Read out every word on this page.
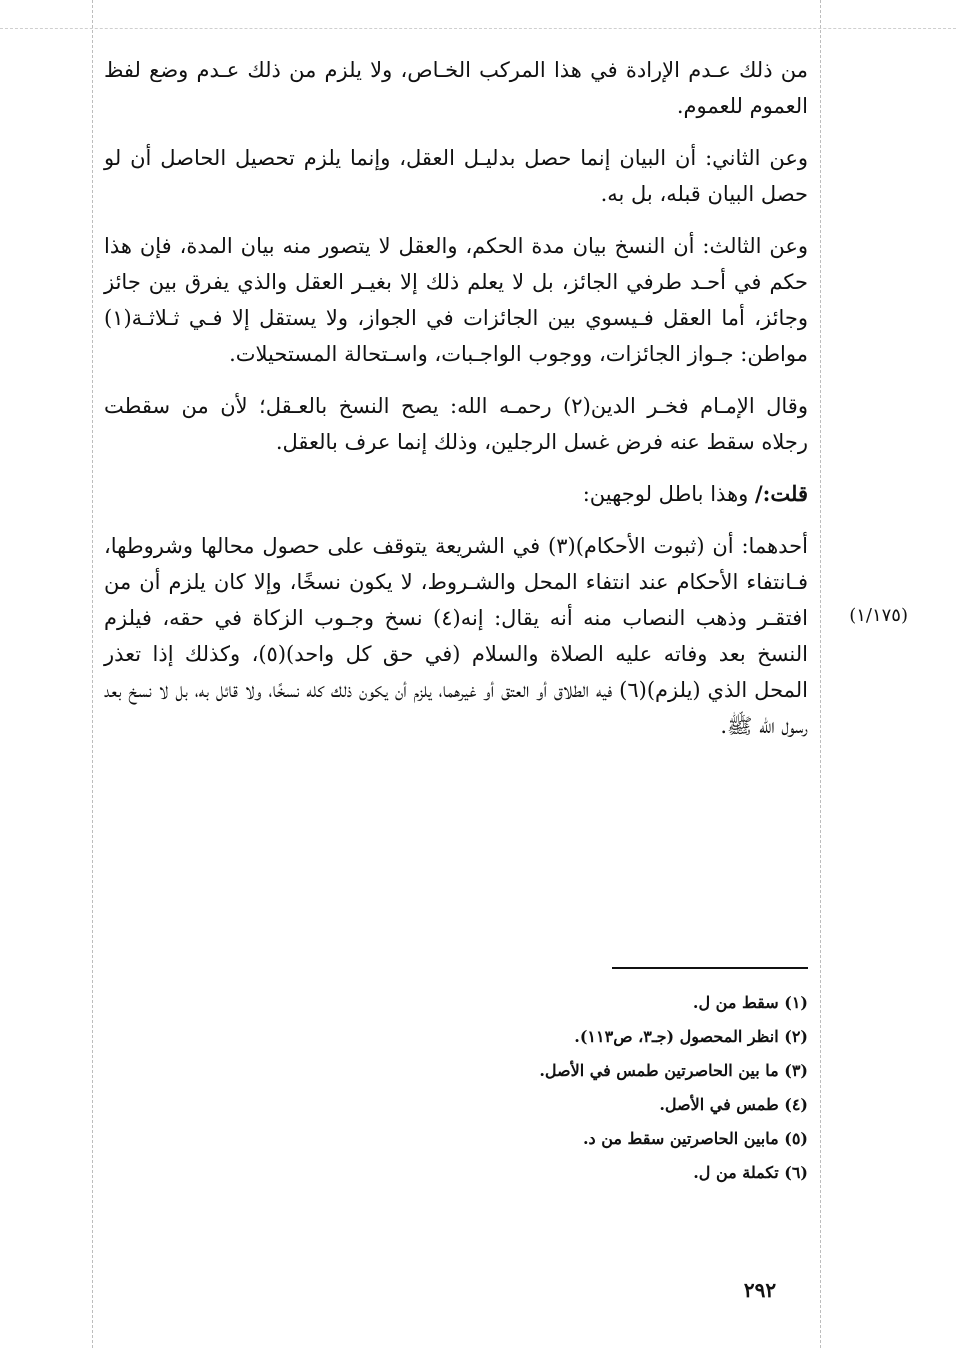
من ذلك عـدم الإرادة في هذا المركب الخـاص، ولا يلزم من ذلك عـدم وضع لفظ العموم للعموم.

وعن الثاني: أن البيان إنما حصل بدليـل العقل، وإنما يلزم تحصيل الحاصل أن لو حصل البيان قبله، بل به.

وعن الثالث: أن النسخ بيان مدة الحكم، والعقل لا يتصور منه بيان المدة، فإن هذا حكم في أحـد طرفي الجائز، بل لا يعلم ذلك إلا بغيـر العقل والذي يفرق بين جائز وجائز، أما العقل فـيسوي بين الجائزات في الجواز، ولا يستقل إلا فـي ثـلاثـة(١) مواطن: جـواز الجائزات، ووجوب الواجـبات، واسـتحالة المستحيلات.

وقال الإمـام فخـر الدين(٢) رحمـه الله: يصح النسخ بالعـقل؛ لأن من سقطت رجلاه سقط عنه فرض غسل الرجلين، وذلك إنما عرف بالعقل.

قلت:/ وهذا باطل لوجهين:

أحدهما: أن (ثبوت الأحكام)(٣) في الشريعة يتوقف على حصول محالها وشروطها، فـانتفاء الأحكام عند انتفاء المحل والشـروط، لا يكون نسخًا، وإلا كان يلزم أن من افتقـر وذهب النصاب منه أنه يقال: إنه(٤) نسخ وجـوب الزكاة في حقه، فيلزم النسخ بعد وفاته عليه الصلاة والسلام (في حق كل واحد)(٥)، وكذلك إذا تعذر المحل الذي (يلزم)(٦) فيه الطلاق أو العتق أو غيرهما، يلزم أن يكون ذلك كله نسخًا، ولا قائل به، بل لا نسخ بعد رسول الله ﷺ.

(١/١٧٥)
(١) سقط من ل.
(٢) انظر المحصول (جـ٣، ص١١٣).
(٣) ما بين الحاصرتين طمس في الأصل.
(٤) طمس في الأصل.
(٥) مابين الحاصرتين سقط من د.
(٦) تكملة من ل.
٢٩٢
